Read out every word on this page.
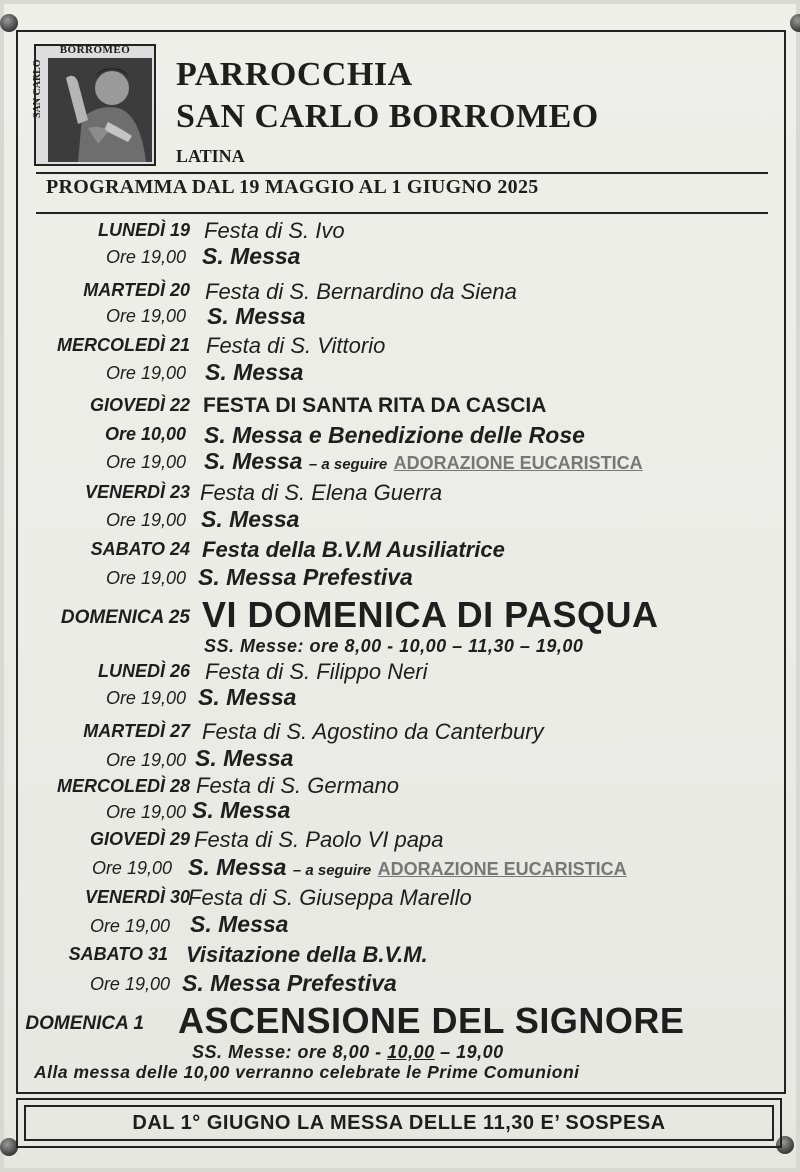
BORROMEO
SAN CARLO	PARROCCHIA
SAN CARLO BORROMEO
LATINA
PROGRAMMA DAL 19 MAGGIO AL 1 GIUGNO 2025
LUNEDÌ 19 Festa di S. Ivo
Ore 19,00 S. Messa
MARTEDÌ 20 Festa di S. Bernardino da Siena
Ore 19,00 S. Messa
MERCOLEDÌ 21 Festa di S. Vittorio
Ore 19,00 S. Messa
GIOVEDÌ 22 FESTA DI SANTA RITA DA CASCIA
Ore 10,00 S. Messa e Benedizione delle Rose
Ore 19,00 S. Messa – a seguire ADORAZIONE EUCARISTICA
VENERDÌ 23 Festa di S. Elena Guerra
Ore 19,00 S. Messa
SABATO 24 Festa della B.V.M Ausiliatrice
Ore 19,00 S. Messa Prefestiva
DOMENICA 25 VI DOMENICA DI PASQUA
SS. Messe: ore 8,00 - 10,00 – 11,30 – 19,00
LUNEDÌ 26 Festa di S. Filippo Neri
Ore 19,00 S. Messa
MARTEDÌ 27 Festa di S. Agostino da Canterbury
Ore 19,00 S. Messa
MERCOLEDÌ 28 Festa di S. Germano
Ore 19,00 S. Messa
GIOVEDÌ 29 Festa di S. Paolo VI papa
Ore 19,00 S. Messa – a seguire ADORAZIONE EUCARISTICA
VENERDÌ 30
Festa di S. Giuseppa Marello
Ore 19,00 S. Messa
SABATO 31 Visitazione della B.V.M.
Ore 19,00 S. Messa Prefestiva
DOMENICA 1 ASCENSIONE DEL SIGNORE
SS. Messe: ore 8,00 - 10,00 – 19,00
Alla messa delle 10,00 verranno celebrate le Prime Comunioni
DAL 1° GIUGNO LA MESSA DELLE 11,30 E’ SOSPESA
